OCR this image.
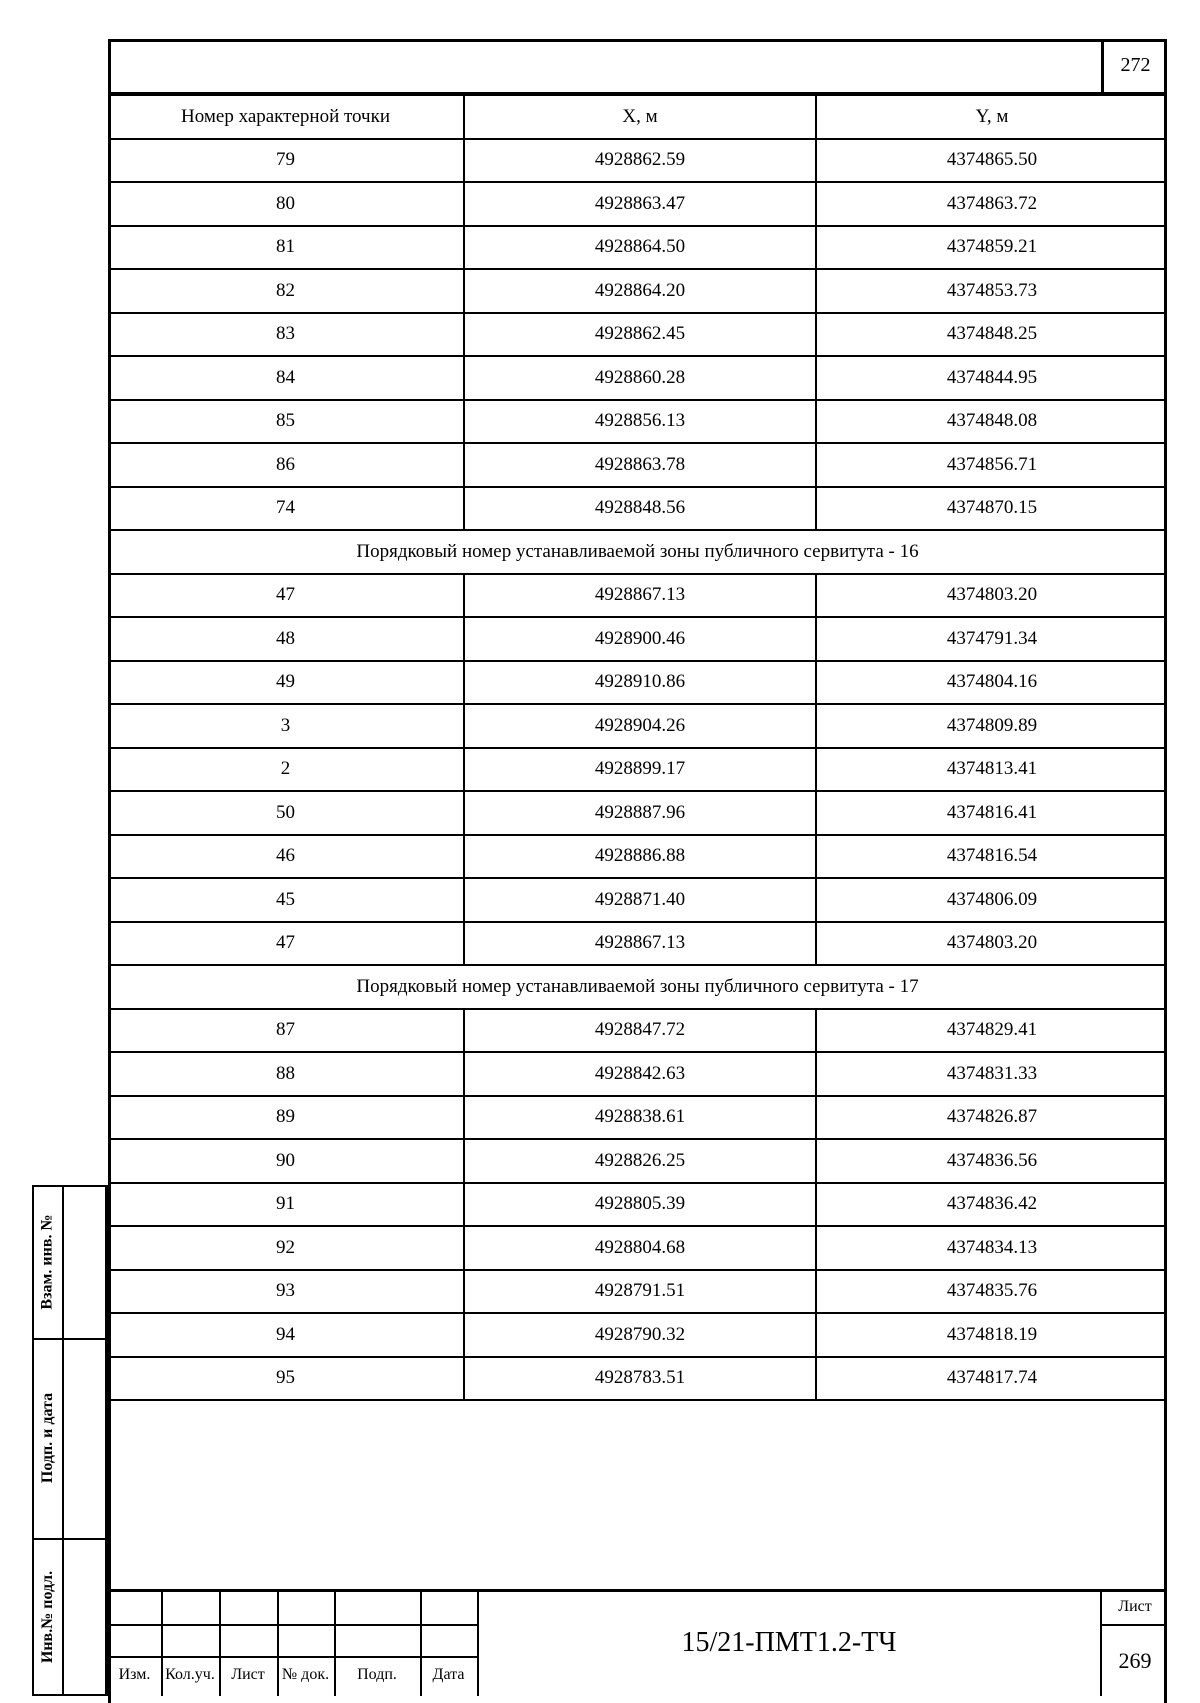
272
Номер характерной точки	X, м	Y, м
79	4928862.59	4374865.50
80	4928863.47	4374863.72
81	4928864.50	4374859.21
82	4928864.20	4374853.73
83	4928862.45	4374848.25
84	4928860.28	4374844.95
85	4928856.13	4374848.08
86	4928863.78	4374856.71
74	4928848.56	4374870.15
Порядковый номер устанавливаемой зоны публичного сервитута - 16		
47	4928867.13	4374803.20
48	4928900.46	4374791.34
49	4928910.86	4374804.16
3	4928904.26	4374809.89
2	4928899.17	4374813.41
50	4928887.96	4374816.41
46	4928886.88	4374816.54
45	4928871.40	4374806.09
47	4928867.13	4374803.20
Порядковый номер устанавливаемой зоны публичного сервитута - 17		
87	4928847.72	4374829.41
88	4928842.63	4374831.33
89	4928838.61	4374826.87
90	4928826.25	4374836.56
91	4928805.39	4374836.42
92	4928804.68	4374834.13
93	4928791.51	4374835.76
94	4928790.32	4374818.19
95	4928783.51	4374817.74
Взам. инв. №
Подп. и дата
Инв.№ подл.
Изм. Кол.уч.	Лист	№ док.	Подп.	Дата
15/21-ПМТ1.2-ТЧ
Лист
269
